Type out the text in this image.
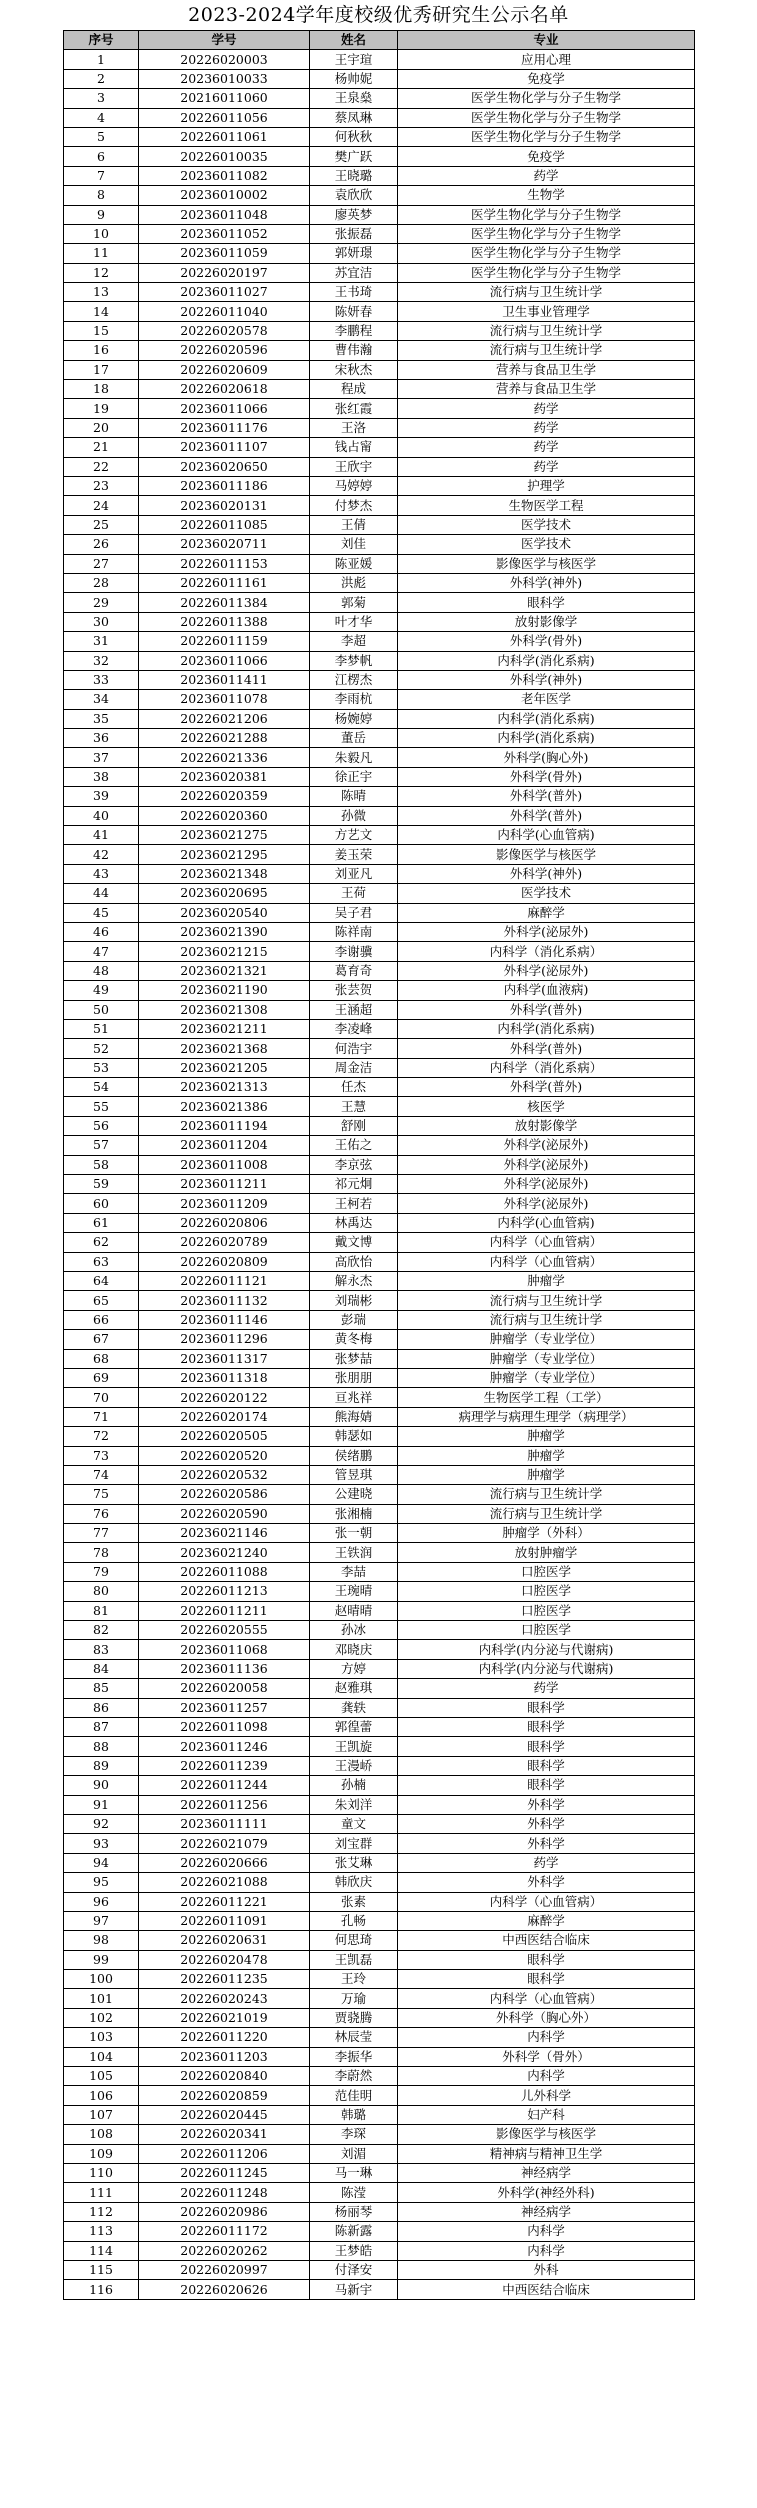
2023-2024学年度校级优秀研究生公示名单
序号	学号	姓名	专业
1	20226020003	王宇瑄	应用心理
2	20236010033	杨帅妮	免疫学
3	20216011060	王泉燊	医学生物化学与分子生物学
4	20226011056	蔡凤琳	医学生物化学与分子生物学
5	20226011061	何秋秋	医学生物化学与分子生物学
6	20226010035	樊广跃	免疫学
7	20236011082	王晓璐	药学
8	20236010002	袁欣欣	生物学
9	20236011048	廖英梦	医学生物化学与分子生物学
10	20236011052	张振磊	医学生物化学与分子生物学
11	20236011059	郭妍璟	医学生物化学与分子生物学
12	20226020197	苏宜洁	医学生物化学与分子生物学
13	20236011027	王书琦	流行病与卫生统计学
14	20226011040	陈妍春	卫生事业管理学
15	20226020578	李鹏程	流行病与卫生统计学
16	20226020596	曹伟瀚	流行病与卫生统计学
17	20226020609	宋秋杰	营养与食品卫生学
18	20226020618	程成	营养与食品卫生学
19	20236011066	张红霞	药学
20	20236011176	王洛	药学
21	20236011107	钱占甯	药学
22	20236020650	王欣宇	药学
23	20236011186	马婷婷	护理学
24	20236020131	付梦杰	生物医学工程
25	20226011085	王倩	医学技术
26	20236020711	刘佳	医学技术
27	20226011153	陈亚媛	影像医学与核医学
28	20226011161	洪彪	外科学(神外)
29	20226011384	郭菊	眼科学
30	20226011388	叶才华	放射影像学
31	20226011159	李超	外科学(骨外)
32	20236011066	李梦帆	内科学(消化系病)
33	20236011411	江楞杰	外科学(神外)
34	20236011078	李雨杭	老年医学
35	20226021206	杨婉婷	内科学(消化系病)
36	20226021288	董岳	内科学(消化系病)
37	20226021336	朱毅凡	外科学(胸心外)
38	20236020381	徐正宇	外科学(骨外)
39	20226020359	陈晴	外科学(普外)
40	20226020360	孙微	外科学(普外)
41	20236021275	方艺文	内科学(心血管病)
42	20236021295	姜玉荣	影像医学与核医学
43	20236021348	刘亚凡	外科学(神外)
44	20236020695	王荷	医学技术
45	20236020540	吴子君	麻醉学
46	20236021390	陈祥南	外科学(泌尿外)
47	20236021215	李谢骥	内科学（消化系病）
48	20236021321	葛育奇	外科学(泌尿外)
49	20236021190	张芸贺	内科学(血液病)
50	20236021308	王涵超	外科学(普外)
51	20236021211	李凌峰	内科学(消化系病)
52	20236021368	何浩宇	外科学(普外)
53	20236021205	周金洁	内科学（消化系病）
54	20236021313	任杰	外科学(普外)
55	20236021386	王慧	核医学
56	20236011194	舒刚	放射影像学
57	20236011204	王佑之	外科学(泌尿外)
58	20236011008	李京弦	外科学(泌尿外)
59	20236011211	祁元炯	外科学(泌尿外)
60	20236011209	王柯若	外科学(泌尿外)
61	20226020806	林禹达	内科学(心血管病)
62	20226020789	戴文博	内科学（心血管病）
63	20226020809	高欣怡	内科学（心血管病）
64	20226011121	解永杰	肿瘤学
65	20236011132	刘瑞彬	流行病与卫生统计学
66	20236011146	彭瑞	流行病与卫生统计学
67	20236011296	黄冬梅	肿瘤学（专业学位）
68	20236011317	张梦喆	肿瘤学（专业学位）
69	20236011318	张朋朋	肿瘤学（专业学位）
70	20226020122	亘兆祥	生物医学工程（工学）
71	20226020174	熊海婧	病理学与病理生理学（病理学）
72	20226020505	韩瑟如	肿瘤学
73	20226020520	侯绪鹏	肿瘤学
74	20226020532	管昱琪	肿瘤学
75	20226020586	公建晓	流行病与卫生统计学
76	20226020590	张湘楠	流行病与卫生统计学
77	20236021146	张一朝	肿瘤学（外科）
78	20236021240	王铁润	放射肿瘤学
79	20226011088	李喆	口腔医学
80	20226011213	王琬晴	口腔医学
81	20226011211	赵晴晴	口腔医学
82	20226020555	孙冰	口腔医学
83	20236011068	邓晓庆	内科学(内分泌与代谢病)
84	20236011136	方婷	内科学(内分泌与代谢病)
85	20226020058	赵雅琪	药学
86	20236011257	龚轶	眼科学
87	20226011098	郭徨蕾	眼科学
88	20236011246	王凯旋	眼科学
89	20226011239	王漫峤	眼科学
90	20226011244	孙楠	眼科学
91	20226011256	朱刘洋	外科学
92	20236011111	童文	外科学
93	20226021079	刘宝群	外科学
94	20226020666	张艾琳	药学
95	20226021088	韩欣庆	外科学
96	20226011221	张素	内科学（心血管病）
97	20226011091	孔畅	麻醉学
98	20226020631	何思琦	中西医结合临床
99	20226020478	王凯磊	眼科学
100	20226011235	王玲	眼科学
101	20226020243	万瑜	内科学（心血管病）
102	20226021019	贾骁腾	外科学（胸心外）
103	20226011220	林辰莹	内科学
104	20236011203	李振华	外科学（骨外）
105	20226020840	李蔚然	内科学
106	20226020859	范佳明	儿外科学
107	20226020445	韩璐	妇产科
108	20226020341	李琛	影像医学与核医学
109	20226011206	刘湄	精神病与精神卫生学
110	20226011245	马一琳	神经病学
111	20226011248	陈滢	外科学(神经外科)
112	20226020986	杨丽琴	神经病学
113	20226011172	陈新露	内科学
114	20226020262	王梦皓	内科学
115	20226020997	付泽安	外科
116	20226020626	马新宇	中西医结合临床
